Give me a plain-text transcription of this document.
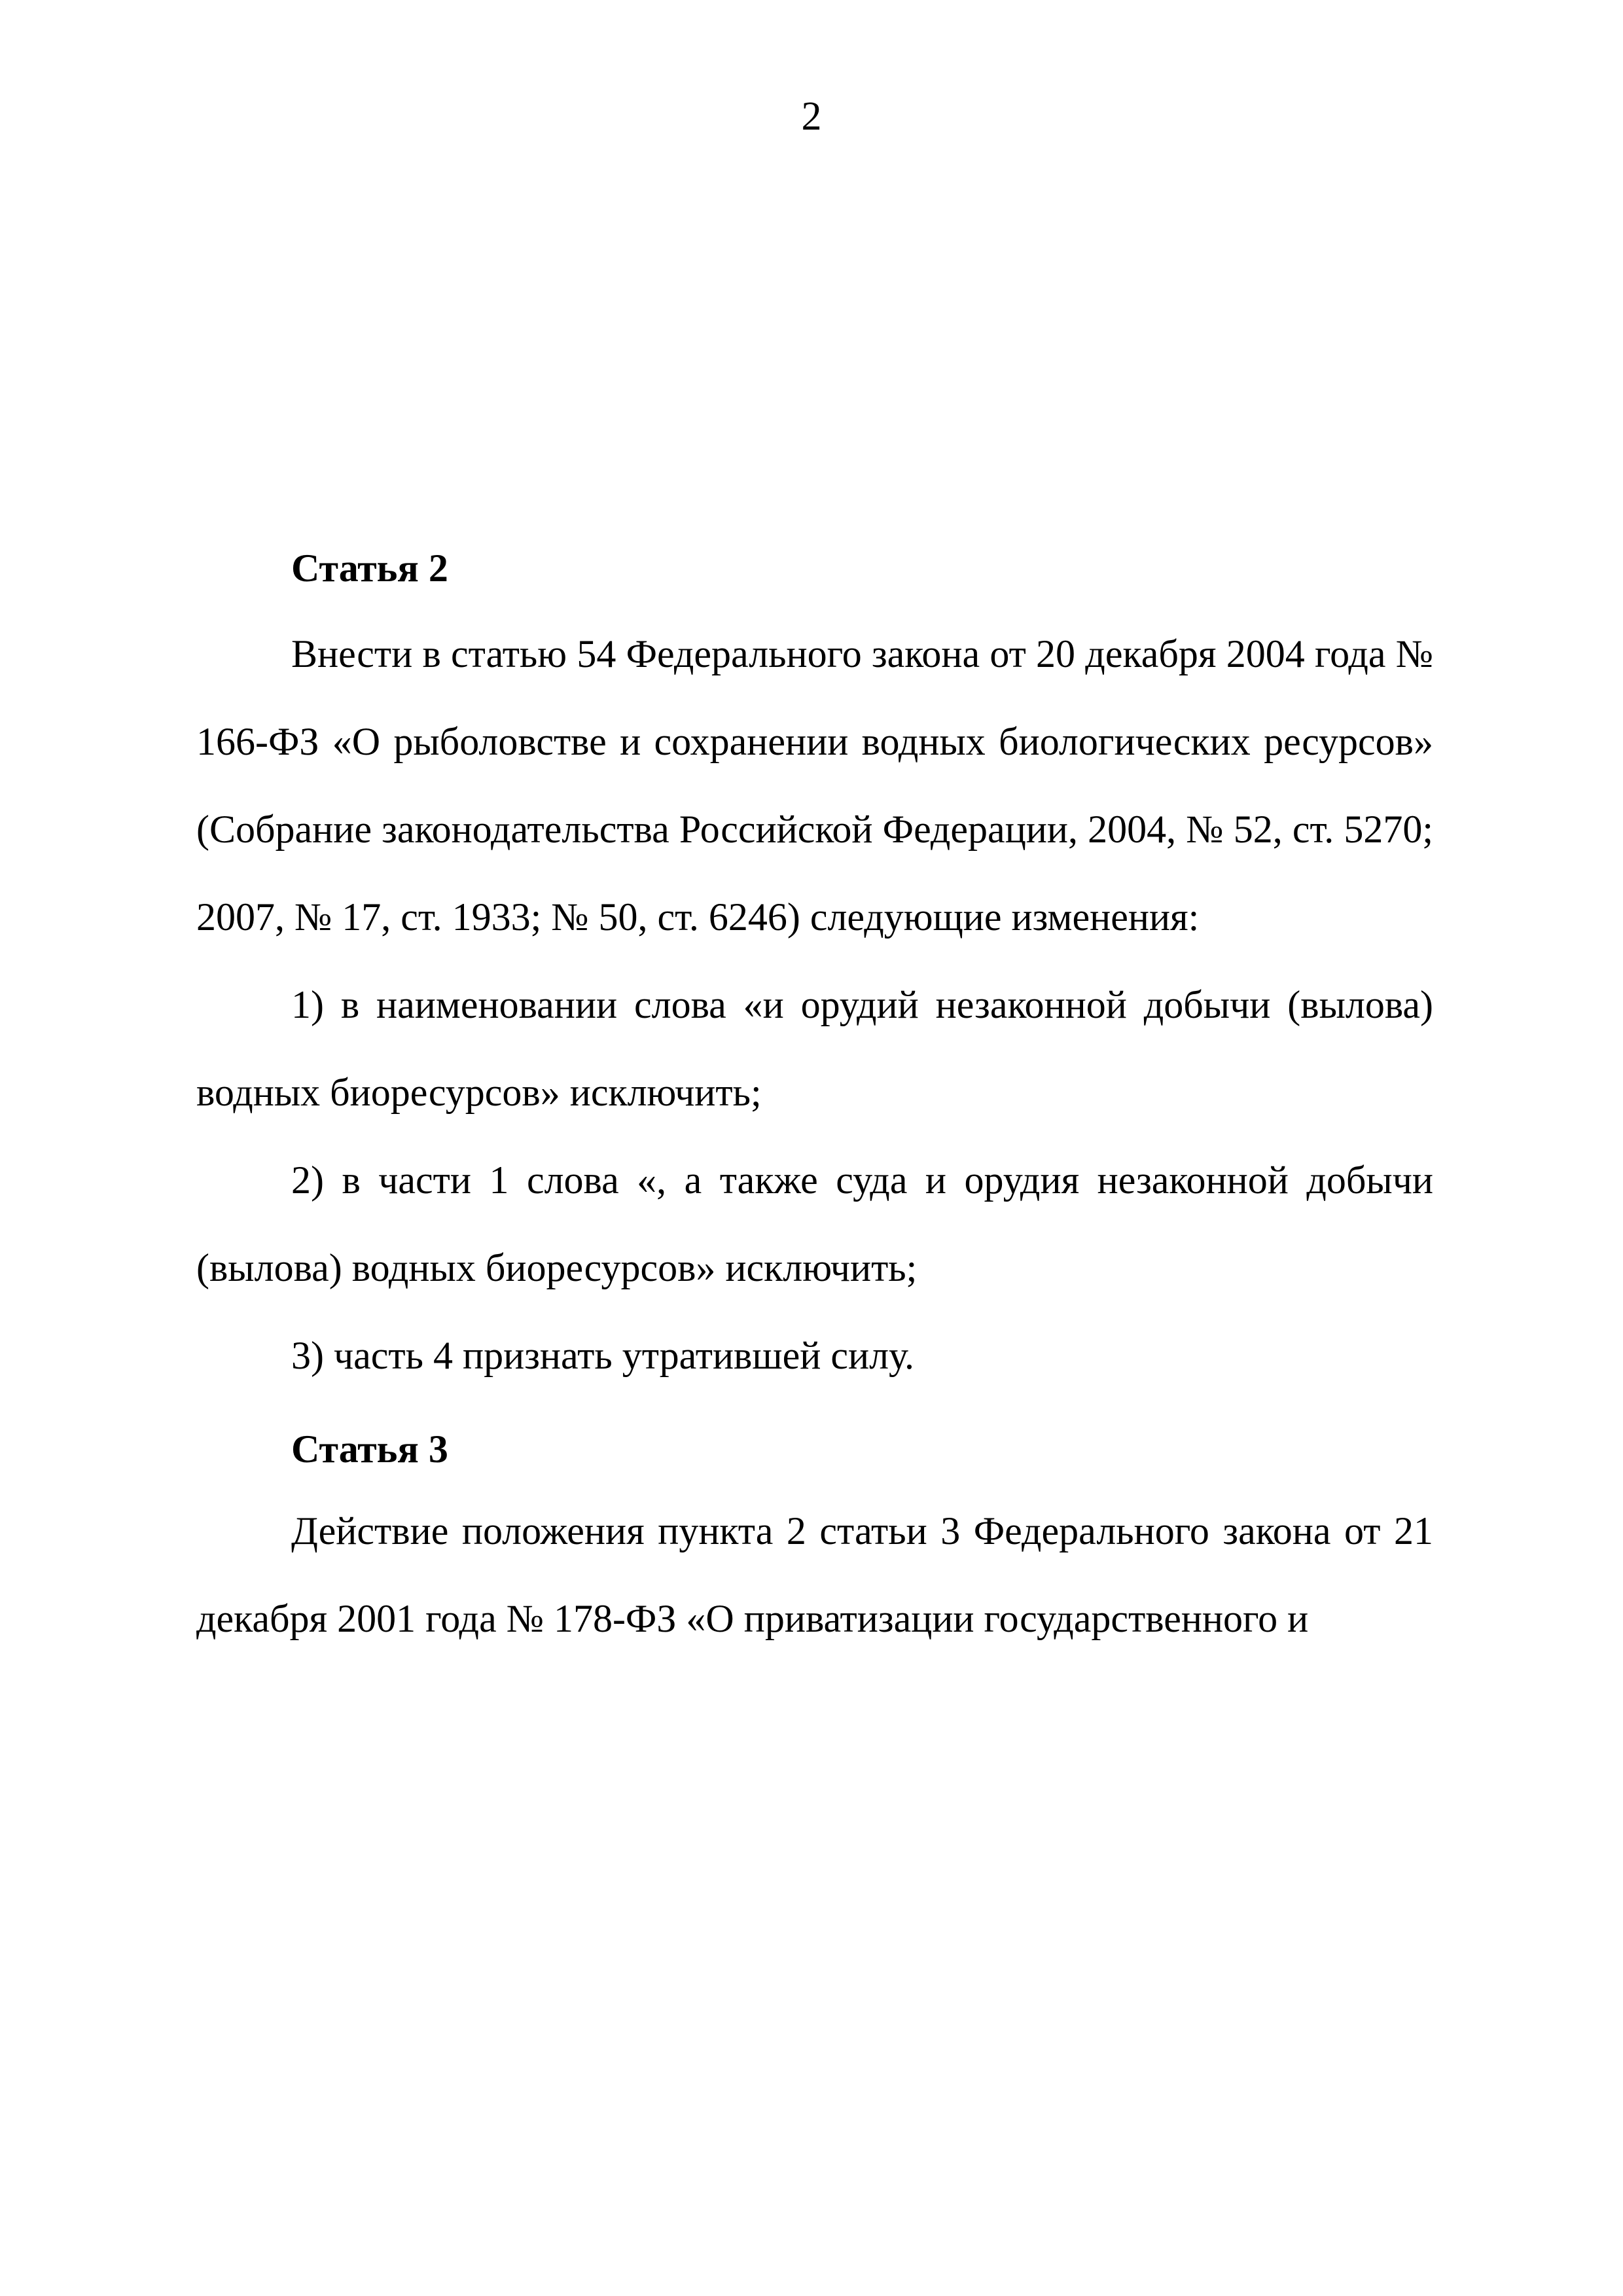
2
Статья 2
Внести в статью 54 Федерального закона от 20 декабря 2004 года № 166-ФЗ «О рыболовстве и сохранении водных биологических ресурсов» (Собрание законодательства Российской Федерации, 2004, № 52, ст. 5270; 2007, № 17, ст. 1933; № 50, ст. 6246) следующие изменения:
1) в наименовании слова «и орудий незаконной добычи (вылова) водных биоресурсов» исключить;
2) в части 1 слова «, а также суда и орудия незаконной добычи (вылова) водных биоресурсов» исключить;
3) часть 4 признать утратившей силу.
Статья 3
Действие положения пункта 2 статьи 3 Федерального закона от 21 декабря 2001 года № 178-ФЗ «О приватизации государственного и
